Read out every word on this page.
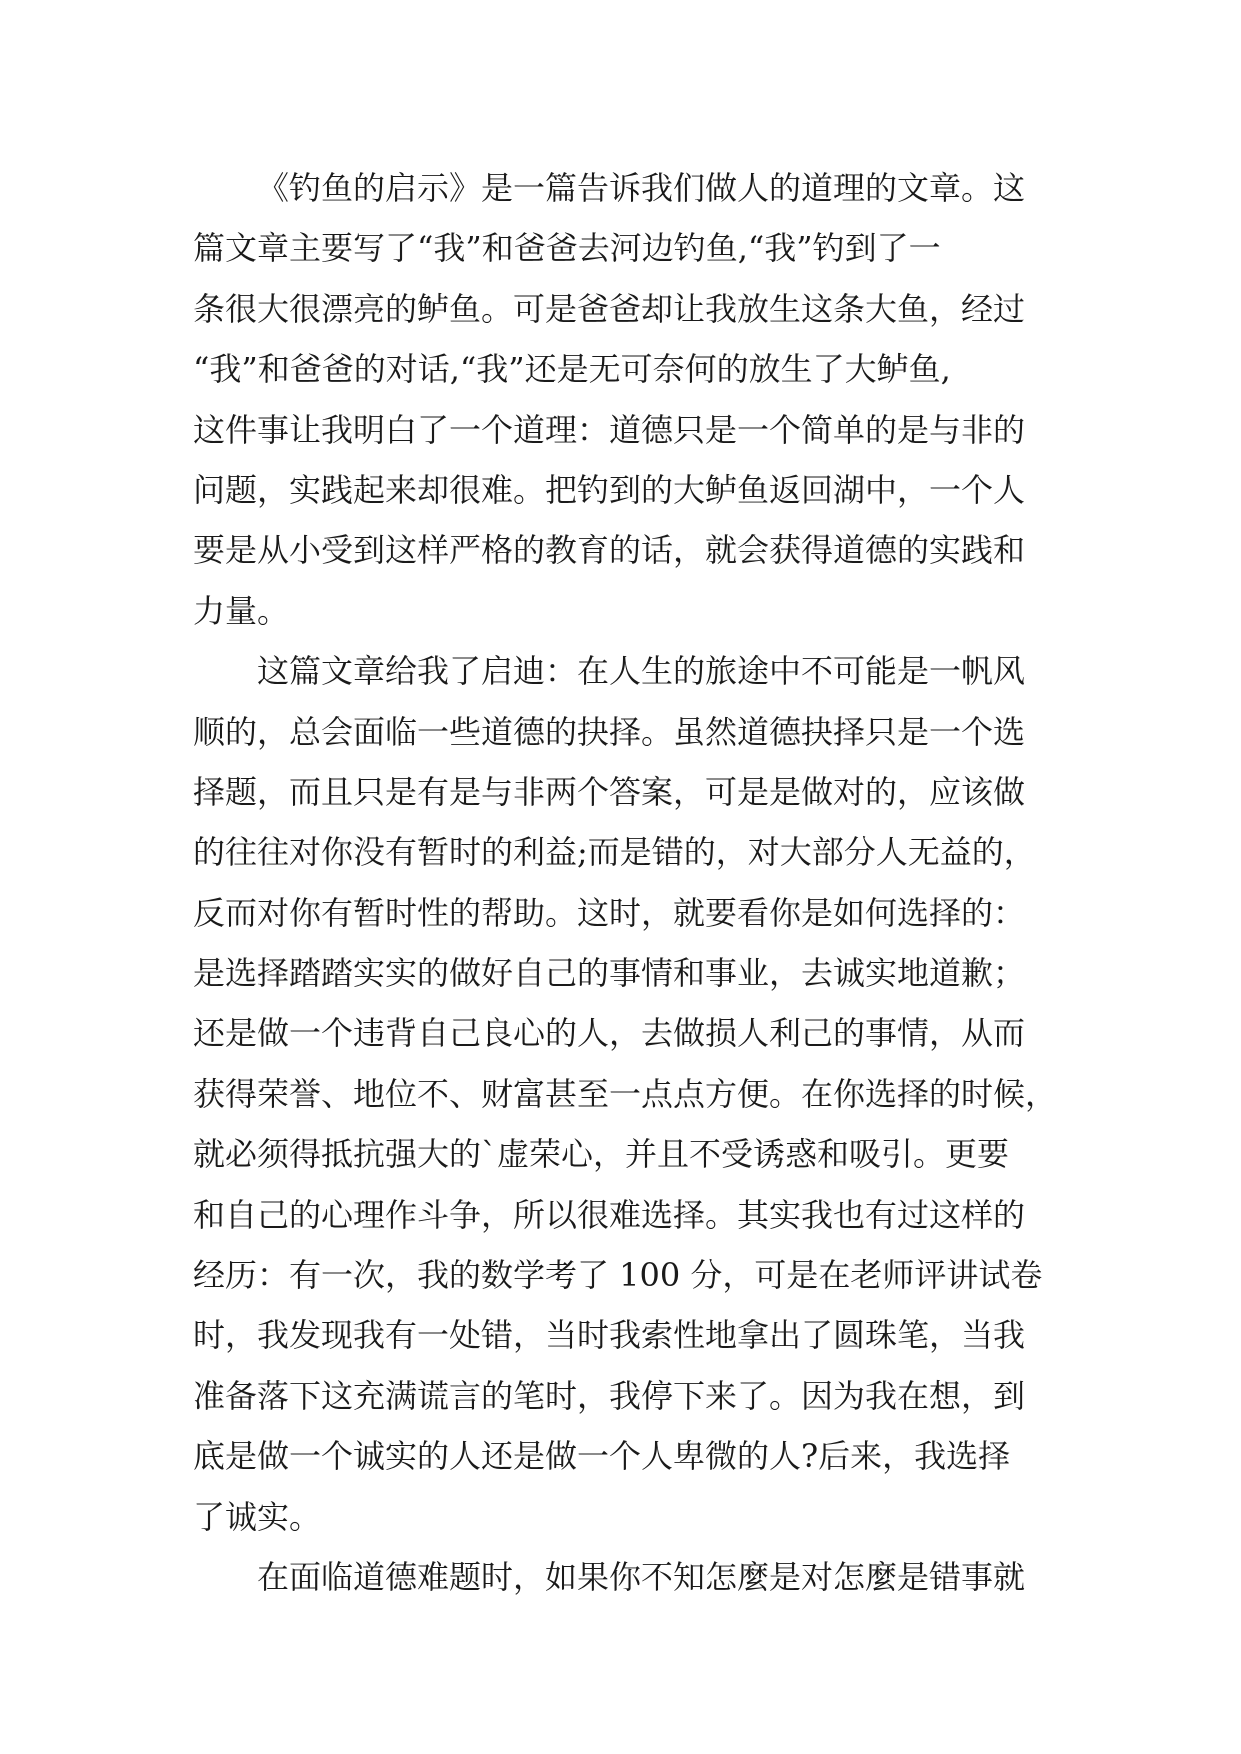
《钓鱼的启示》是一篇告诉我们做人的道理的文章。这
篇文章主要写了“我”和爸爸去河边钓鱼,“我”钓到了一
条很大很漂亮的鲈鱼。可是爸爸却让我放生这条大鱼，经过
“我”和爸爸的对话,“我”还是无可奈何的放生了大鲈鱼,
这件事让我明白了一个道理：道德只是一个简单的是与非的
问题，实践起来却很难。把钓到的大鲈鱼返回湖中，一个人
要是从小受到这样严格的教育的话，就会获得道德的实践和
力量。
这篇文章给我了启迪：在人生的旅途中不可能是一帆风
顺的，总会面临一些道德的抉择。虽然道德抉择只是一个选
择题，而且只是有是与非两个答案，可是是做对的，应该做
的往往对你没有暂时的利益;而是错的，对大部分人无益的，
反而对你有暂时性的帮助。这时，就要看你是如何选择的：
是选择踏踏实实的做好自己的事情和事业，去诚实地道歉；
还是做一个违背自己良心的人，去做损人利己的事情，从而
获得荣誉、地位不、财富甚至一点点方便。在你选择的时候，
就必须得抵抗强大的`虚荣心，并且不受诱惑和吸引。更要
和自己的心理作斗争，所以很难选择。其实我也有过这样的
经历：有一次，我的数学考了 100 分，可是在老师评讲试卷
时，我发现我有一处错，当时我索性地拿出了圆珠笔，当我
准备落下这充满谎言的笔时，我停下来了。因为我在想，到
底是做一个诚实的人还是做一个人卑微的人?后来，我选择
了诚实。
在面临道德难题时，如果你不知怎麼是对怎麼是错事就
